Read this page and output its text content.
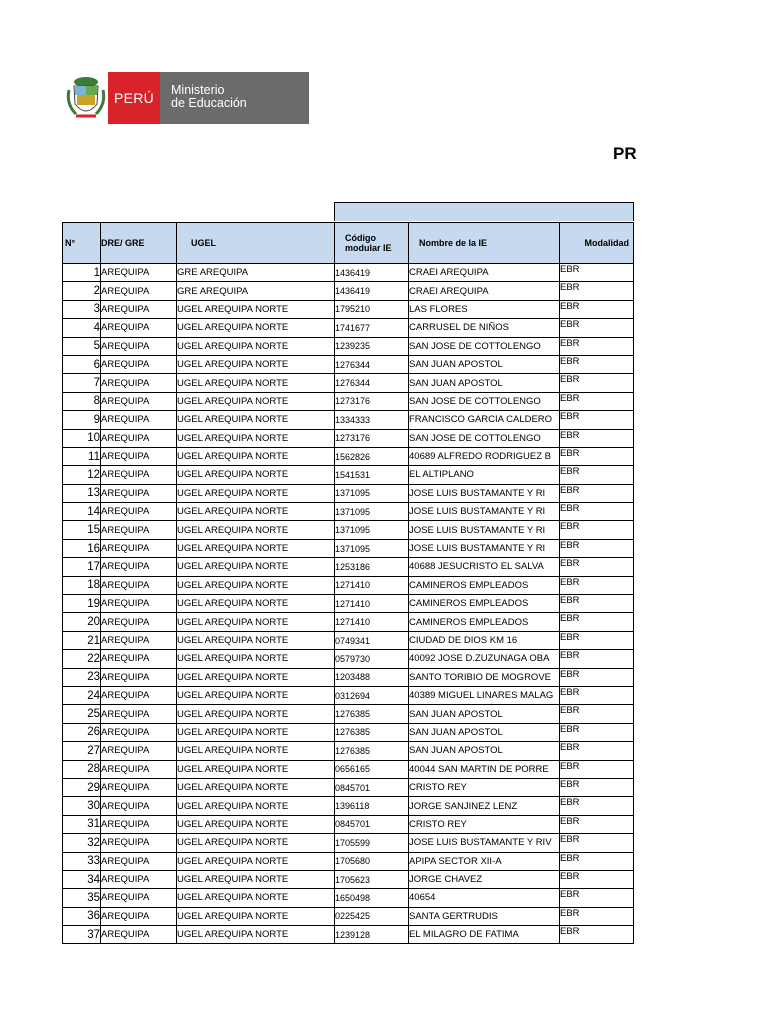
PERÚ Ministerio
de Educación
PR
N°	DRE/ GRE	UGEL	Código modular IE	Nombre de la IE	Modalidad
1	AREQUIPA	GRE AREQUIPA	1436419	CRAEI AREQUIPA	EBR
2	AREQUIPA	GRE AREQUIPA	1436419	CRAEI AREQUIPA	EBR
3	AREQUIPA	UGEL AREQUIPA NORTE	1795210	LAS FLORES	EBR
4	AREQUIPA	UGEL AREQUIPA NORTE	1741677	CARRUSEL DE NIÑOS	EBR
5	AREQUIPA	UGEL AREQUIPA NORTE	1239235	SAN JOSE DE COTTOLENGO	EBR
6	AREQUIPA	UGEL AREQUIPA NORTE	1276344	SAN JUAN APOSTOL	EBR
7	AREQUIPA	UGEL AREQUIPA NORTE	1276344	SAN JUAN APOSTOL	EBR
8	AREQUIPA	UGEL AREQUIPA NORTE	1273176	SAN JOSE DE COTTOLENGO	EBR
9	AREQUIPA	UGEL AREQUIPA NORTE	1334333	FRANCISCO GARCIA CALDERO	EBR
10	AREQUIPA	UGEL AREQUIPA NORTE	1273176	SAN JOSE DE COTTOLENGO	EBR
11	AREQUIPA	UGEL AREQUIPA NORTE	1562826	40689 ALFREDO RODRIGUEZ B	EBR
12	AREQUIPA	UGEL AREQUIPA NORTE	1541531	EL ALTIPLANO	EBR
13	AREQUIPA	UGEL AREQUIPA NORTE	1371095	JOSE LUIS BUSTAMANTE Y RI	EBR
14	AREQUIPA	UGEL AREQUIPA NORTE	1371095	JOSE LUIS BUSTAMANTE Y RI	EBR
15	AREQUIPA	UGEL AREQUIPA NORTE	1371095	JOSE LUIS BUSTAMANTE Y RI	EBR
16	AREQUIPA	UGEL AREQUIPA NORTE	1371095	JOSE LUIS BUSTAMANTE Y RI	EBR
17	AREQUIPA	UGEL AREQUIPA NORTE	1253186	40688 JESUCRISTO EL SALVA	EBR
18	AREQUIPA	UGEL AREQUIPA NORTE	1271410	CAMINEROS EMPLEADOS	EBR
19	AREQUIPA	UGEL AREQUIPA NORTE	1271410	CAMINEROS EMPLEADOS	EBR
20	AREQUIPA	UGEL AREQUIPA NORTE	1271410	CAMINEROS EMPLEADOS	EBR
21	AREQUIPA	UGEL AREQUIPA NORTE	0749341	CIUDAD DE DIOS KM 16	EBR
22	AREQUIPA	UGEL AREQUIPA NORTE	0579730	40092 JOSE D.ZUZUNAGA OBA	EBR
23	AREQUIPA	UGEL AREQUIPA NORTE	1203488	SANTO TORIBIO DE MOGROVE	EBR
24	AREQUIPA	UGEL AREQUIPA NORTE	0312694	40389 MIGUEL LINARES MALAG	EBR
25	AREQUIPA	UGEL AREQUIPA NORTE	1276385	SAN JUAN APOSTOL	EBR
26	AREQUIPA	UGEL AREQUIPA NORTE	1276385	SAN JUAN APOSTOL	EBR
27	AREQUIPA	UGEL AREQUIPA NORTE	1276385	SAN JUAN APOSTOL	EBR
28	AREQUIPA	UGEL AREQUIPA NORTE	0656165	40044 SAN MARTIN DE PORRE	EBR
29	AREQUIPA	UGEL AREQUIPA NORTE	0845701	CRISTO REY	EBR
30	AREQUIPA	UGEL AREQUIPA NORTE	1396118	JORGE SANJINEZ LENZ	EBR
31	AREQUIPA	UGEL AREQUIPA NORTE	0845701	CRISTO REY	EBR
32	AREQUIPA	UGEL AREQUIPA NORTE	1705599	JOSE LUIS BUSTAMANTE Y RIV	EBR
33	AREQUIPA	UGEL AREQUIPA NORTE	1705680	APIPA SECTOR XII-A	EBR
34	AREQUIPA	UGEL AREQUIPA NORTE	1705623	JORGE CHAVEZ	EBR
35	AREQUIPA	UGEL AREQUIPA NORTE	1650498	40654	EBR
36	AREQUIPA	UGEL AREQUIPA NORTE	0225425	SANTA GERTRUDIS	EBR
37	AREQUIPA	UGEL AREQUIPA NORTE	1239128	EL MILAGRO DE FATIMA	EBR
